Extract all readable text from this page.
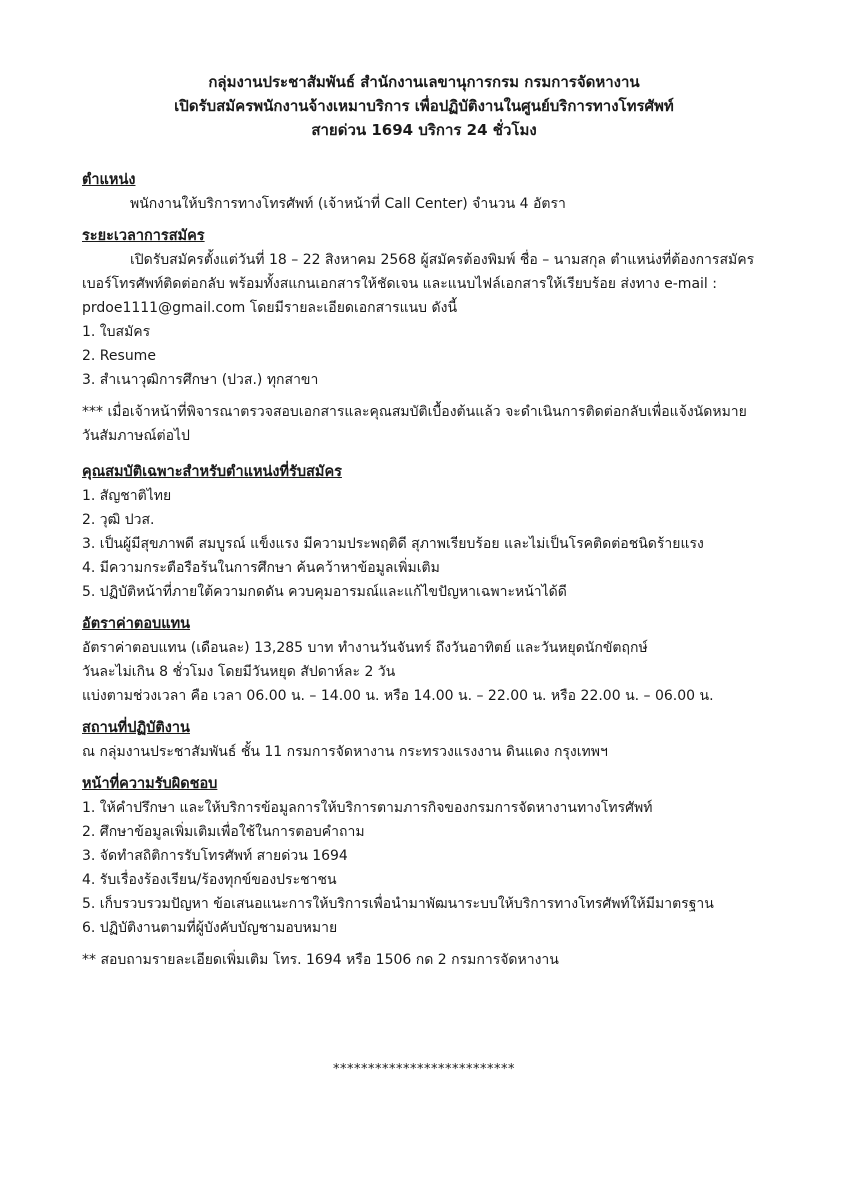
กลุ่มงานประชาสัมพันธ์ สำนักงานเลขานุการกรม กรมการจัดหางาน
เปิดรับสมัครพนักงานจ้างเหมาบริการ เพื่อปฏิบัติงานในศูนย์บริการทางโทรศัพท์
สายด่วน 1694 บริการ 24 ชั่วโมง
ตำแหน่ง
พนักงานให้บริการทางโทรศัพท์ (เจ้าหน้าที่ Call Center) จำนวน 4 อัตรา
ระยะเวลาการสมัคร
เปิดรับสมัครตั้งแต่วันที่ 18 – 22 สิงหาคม 2568 ผู้สมัครต้องพิมพ์ ชื่อ – นามสกุล ตำแหน่งที่ต้องการสมัคร
เบอร์โทรศัพท์ติดต่อกลับ พร้อมทั้งสแกนเอกสารให้ชัดเจน และแนบไฟล์เอกสารให้เรียบร้อย ส่งทาง e-mail :
prdoe1111@gmail.com โดยมีรายละเอียดเอกสารแนบ ดังนี้
1. ใบสมัคร
2. Resume
3. สำเนาวุฒิการศึกษา (ปวส.) ทุกสาขา
*** เมื่อเจ้าหน้าที่พิจารณาตรวจสอบเอกสารและคุณสมบัติเบื้องต้นแล้ว จะดำเนินการติดต่อกลับเพื่อแจ้งนัดหมาย
วันสัมภาษณ์ต่อไป
คุณสมบัติเฉพาะสำหรับตำแหน่งที่รับสมัคร
1. สัญชาติไทย
2. วุฒิ ปวส.
3. เป็นผู้มีสุขภาพดี สมบูรณ์ แข็งแรง มีความประพฤติดี สุภาพเรียบร้อย และไม่เป็นโรคติดต่อชนิดร้ายแรง
4. มีความกระตือรือร้นในการศึกษา ค้นคว้าหาข้อมูลเพิ่มเติม
5. ปฏิบัติหน้าที่ภายใต้ความกดดัน ควบคุมอารมณ์และแก้ไขปัญหาเฉพาะหน้าได้ดี
อัตราค่าตอบแทน
อัตราค่าตอบแทน (เดือนละ) 13,285 บาท ทำงานวันจันทร์ ถึงวันอาทิตย์ และวันหยุดนักขัตฤกษ์
วันละไม่เกิน 8 ชั่วโมง โดยมีวันหยุด สัปดาห์ละ 2 วัน
แบ่งตามช่วงเวลา คือ เวลา 06.00 น. – 14.00 น. หรือ 14.00 น. – 22.00 น. หรือ 22.00 น. – 06.00 น.
สถานที่ปฏิบัติงาน
ณ กลุ่มงานประชาสัมพันธ์ ชั้น 11 กรมการจัดหางาน กระทรวงแรงงาน ดินแดง กรุงเทพฯ
หน้าที่ความรับผิดชอบ
1. ให้คำปรึกษา และให้บริการข้อมูลการให้บริการตามภารกิจของกรมการจัดหางานทางโทรศัพท์
2. ศึกษาข้อมูลเพิ่มเติมเพื่อใช้ในการตอบคำถาม
3. จัดทำสถิติการรับโทรศัพท์ สายด่วน 1694
4. รับเรื่องร้องเรียน/ร้องทุกข์ของประชาชน
5. เก็บรวบรวมปัญหา ข้อเสนอแนะการให้บริการเพื่อนำมาพัฒนาระบบให้บริการทางโทรศัพท์ให้มีมาตรฐาน
6. ปฏิบัติงานตามที่ผู้บังคับบัญชามอบหมาย
** สอบถามรายละเอียดเพิ่มเติม โทร. 1694 หรือ 1506 กด 2 กรมการจัดหางาน
**************************
